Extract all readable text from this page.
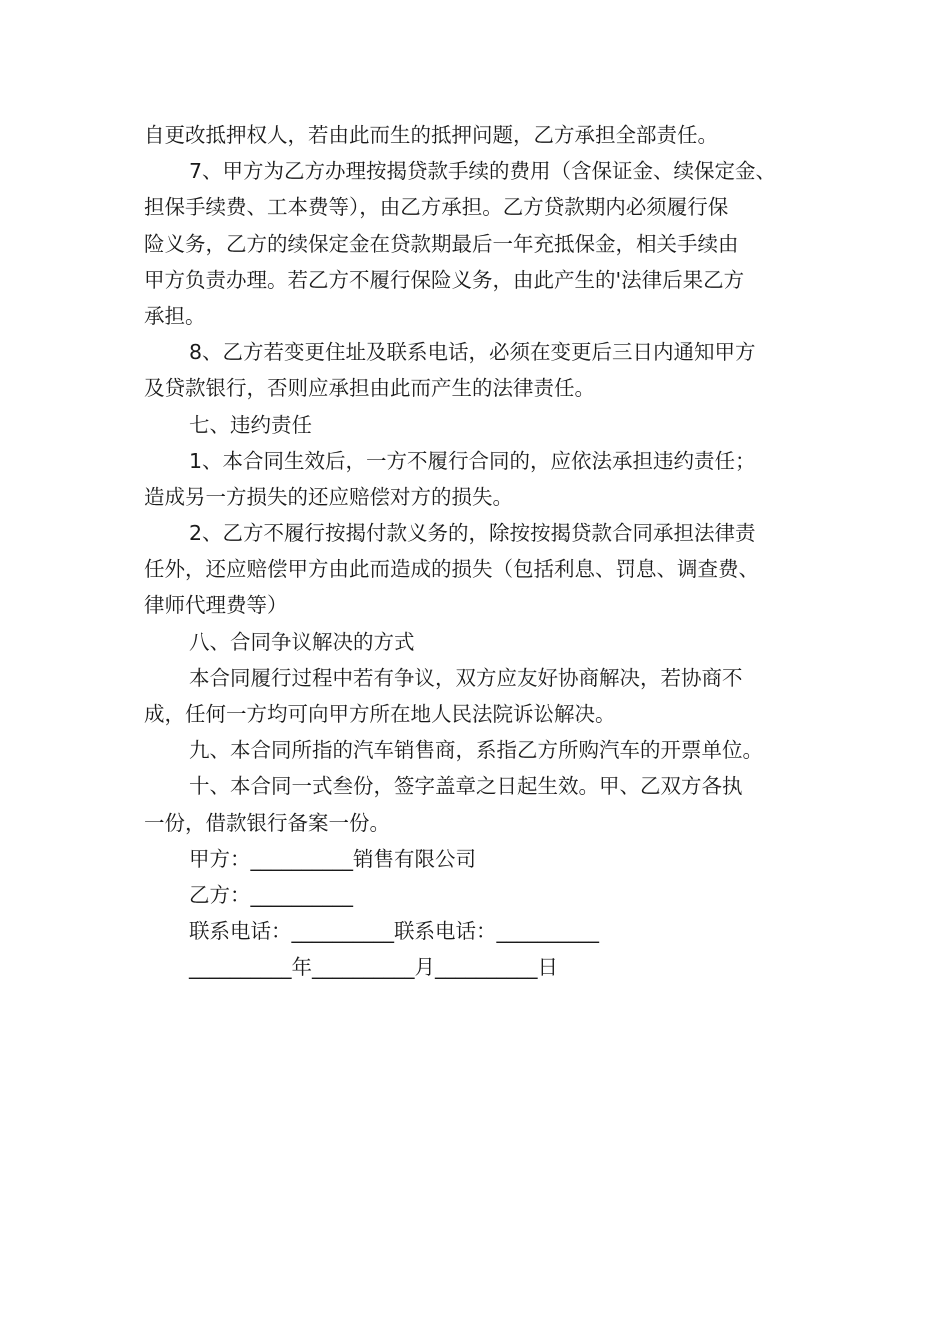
自更改抵押权人，若由此而生的抵押问题，乙方承担全部责任。
7、甲方为乙方办理按揭贷款手续的费用（含保证金、续保定金、
担保手续费、工本费等），由乙方承担。乙方贷款期内必须履行保
险义务，乙方的续保定金在贷款期最后一年充抵保金，相关手续由
甲方负责办理。若乙方不履行保险义务，由此产生的'法律后果乙方
承担。
8、乙方若变更住址及联系电话，必须在变更后三日内通知甲方
及贷款银行，否则应承担由此而产生的法律责任。
七、违约责任
1、本合同生效后，一方不履行合同的，应依法承担违约责任；
造成另一方损失的还应赔偿对方的损失。
2、乙方不履行按揭付款义务的，除按按揭贷款合同承担法律责
任外，还应赔偿甲方由此而造成的损失（包括利息、罚息、调查费、
律师代理费等）
八、合同争议解决的方式
本合同履行过程中若有争议，双方应友好协商解决，若协商不
成，任何一方均可向甲方所在地人民法院诉讼解决。
九、本合同所指的汽车销售商，系指乙方所购汽车的开票单位。
十、本合同一式叁份，签字盖章之日起生效。甲、乙双方各执
一份，借款银行备案一份。
甲方：__________销售有限公司
乙方：__________
联系电话：__________联系电话：__________
__________年__________月__________日
